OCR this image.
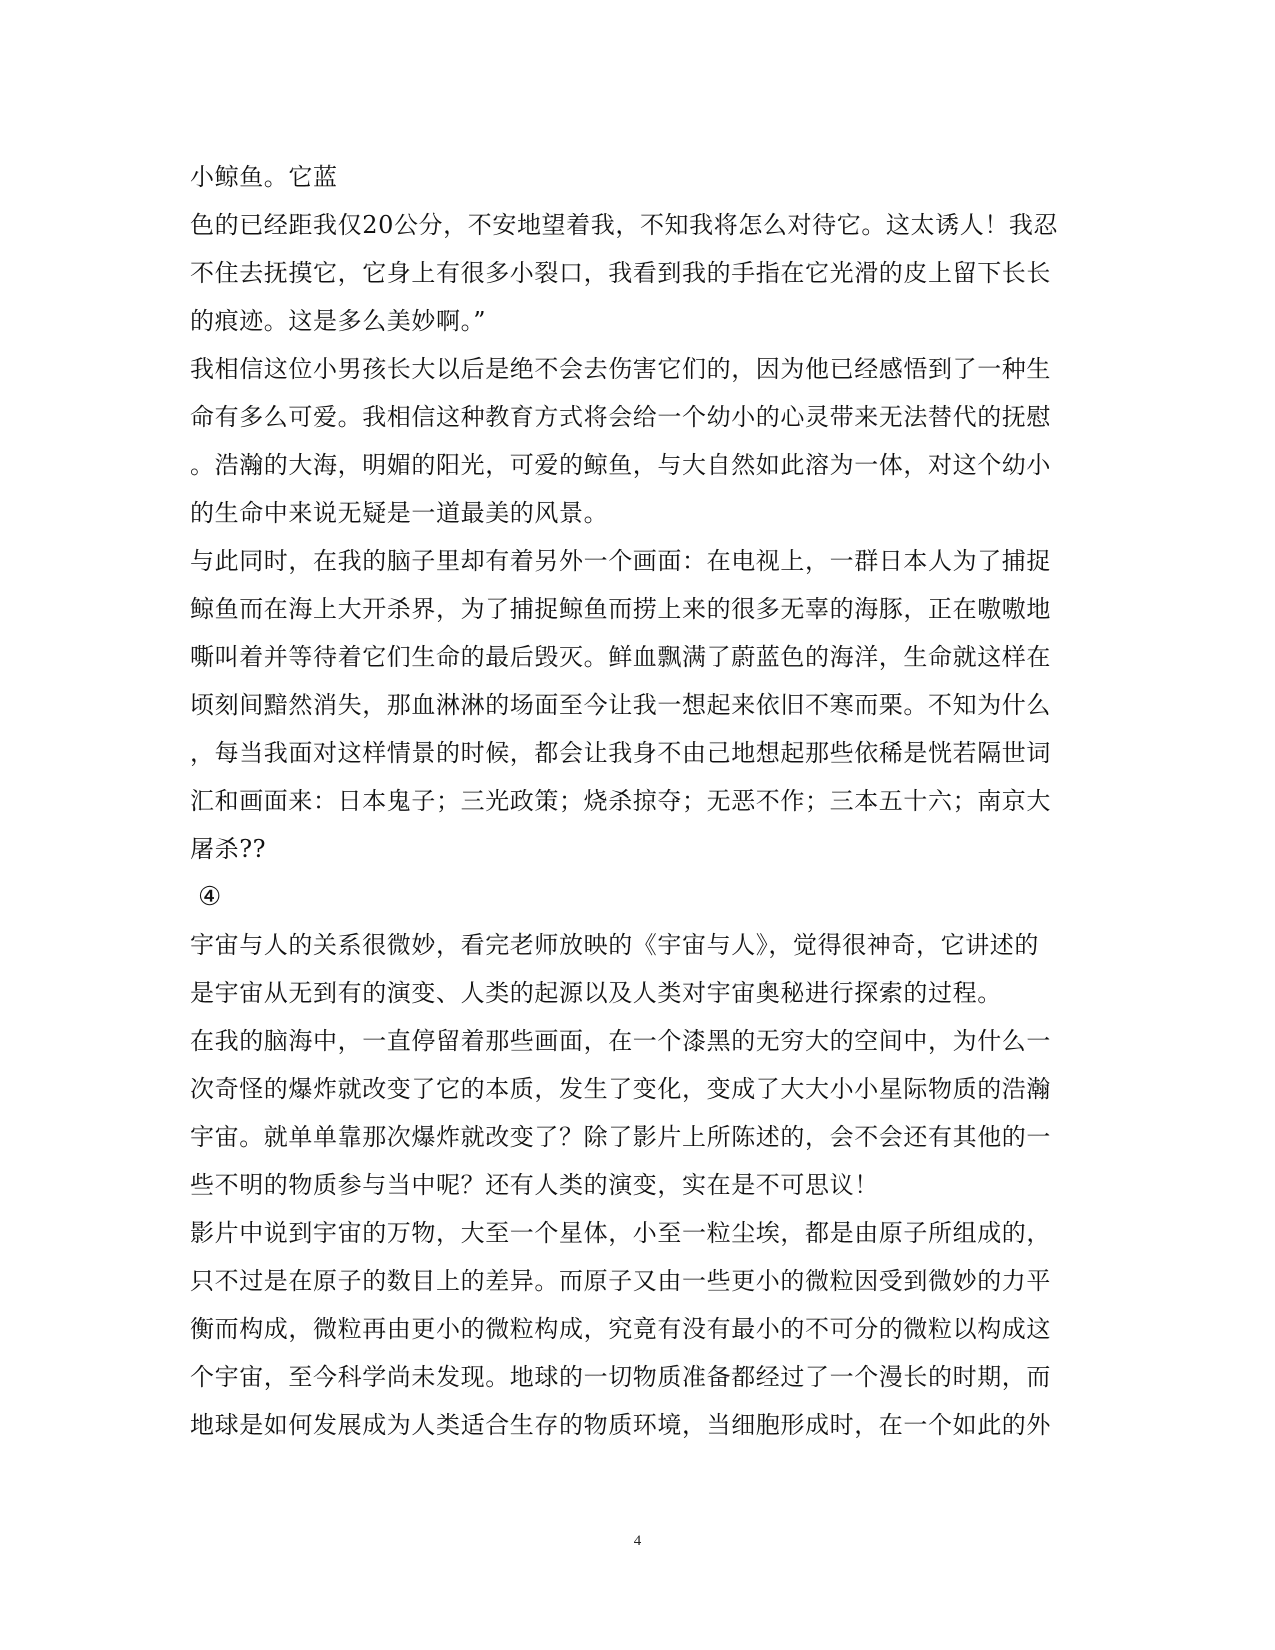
小鲸鱼。它蓝
色的已经距我仅20公分，不安地望着我，不知我将怎么对待它。这太诱人！我忍
不住去抚摸它，它身上有很多小裂口，我看到我的手指在它光滑的皮上留下长长
的痕迹。这是多么美妙啊。”
我相信这位小男孩长大以后是绝不会去伤害它们的，因为他已经感悟到了一种生
命有多么可爱。我相信这种教育方式将会给一个幼小的心灵带来无法替代的抚慰
。浩瀚的大海，明媚的阳光，可爱的鲸鱼，与大自然如此溶为一体，对这个幼小
的生命中来说无疑是一道最美的风景。
与此同时，在我的脑子里却有着另外一个画面：在电视上，一群日本人为了捕捉
鲸鱼而在海上大开杀界，为了捕捉鲸鱼而捞上来的很多无辜的海豚，正在嗷嗷地
嘶叫着并等待着它们生命的最后毁灭。鲜血飘满了蔚蓝色的海洋，生命就这样在
顷刻间黯然消失，那血淋淋的场面至今让我一想起来依旧不寒而栗。不知为什么
，每当我面对这样情景的时候，都会让我身不由己地想起那些依稀是恍若隔世词
汇和画面来：日本鬼子；三光政策；烧杀掠夺；无恶不作；三本五十六；南京大
屠杀??
④
宇宙与人的关系很微妙，看完老师放映的《宇宙与人》，觉得很神奇，它讲述的
是宇宙从无到有的演变、人类的起源以及人类对宇宙奥秘进行探索的过程。
在我的脑海中，一直停留着那些画面，在一个漆黑的无穷大的空间中，为什么一
次奇怪的爆炸就改变了它的本质，发生了变化，变成了大大小小星际物质的浩瀚
宇宙。就单单靠那次爆炸就改变了？除了影片上所陈述的，会不会还有其他的一
些不明的物质参与当中呢？还有人类的演变，实在是不可思议！
影片中说到宇宙的万物，大至一个星体，小至一粒尘埃，都是由原子所组成的，
只不过是在原子的数目上的差异。而原子又由一些更小的微粒因受到微妙的力平
衡而构成，微粒再由更小的微粒构成，究竟有没有最小的不可分的微粒以构成这
个宇宙，至今科学尚未发现。地球的一切物质准备都经过了一个漫长的时期，而
地球是如何发展成为人类适合生存的物质环境，当细胞形成时，在一个如此的外
4
